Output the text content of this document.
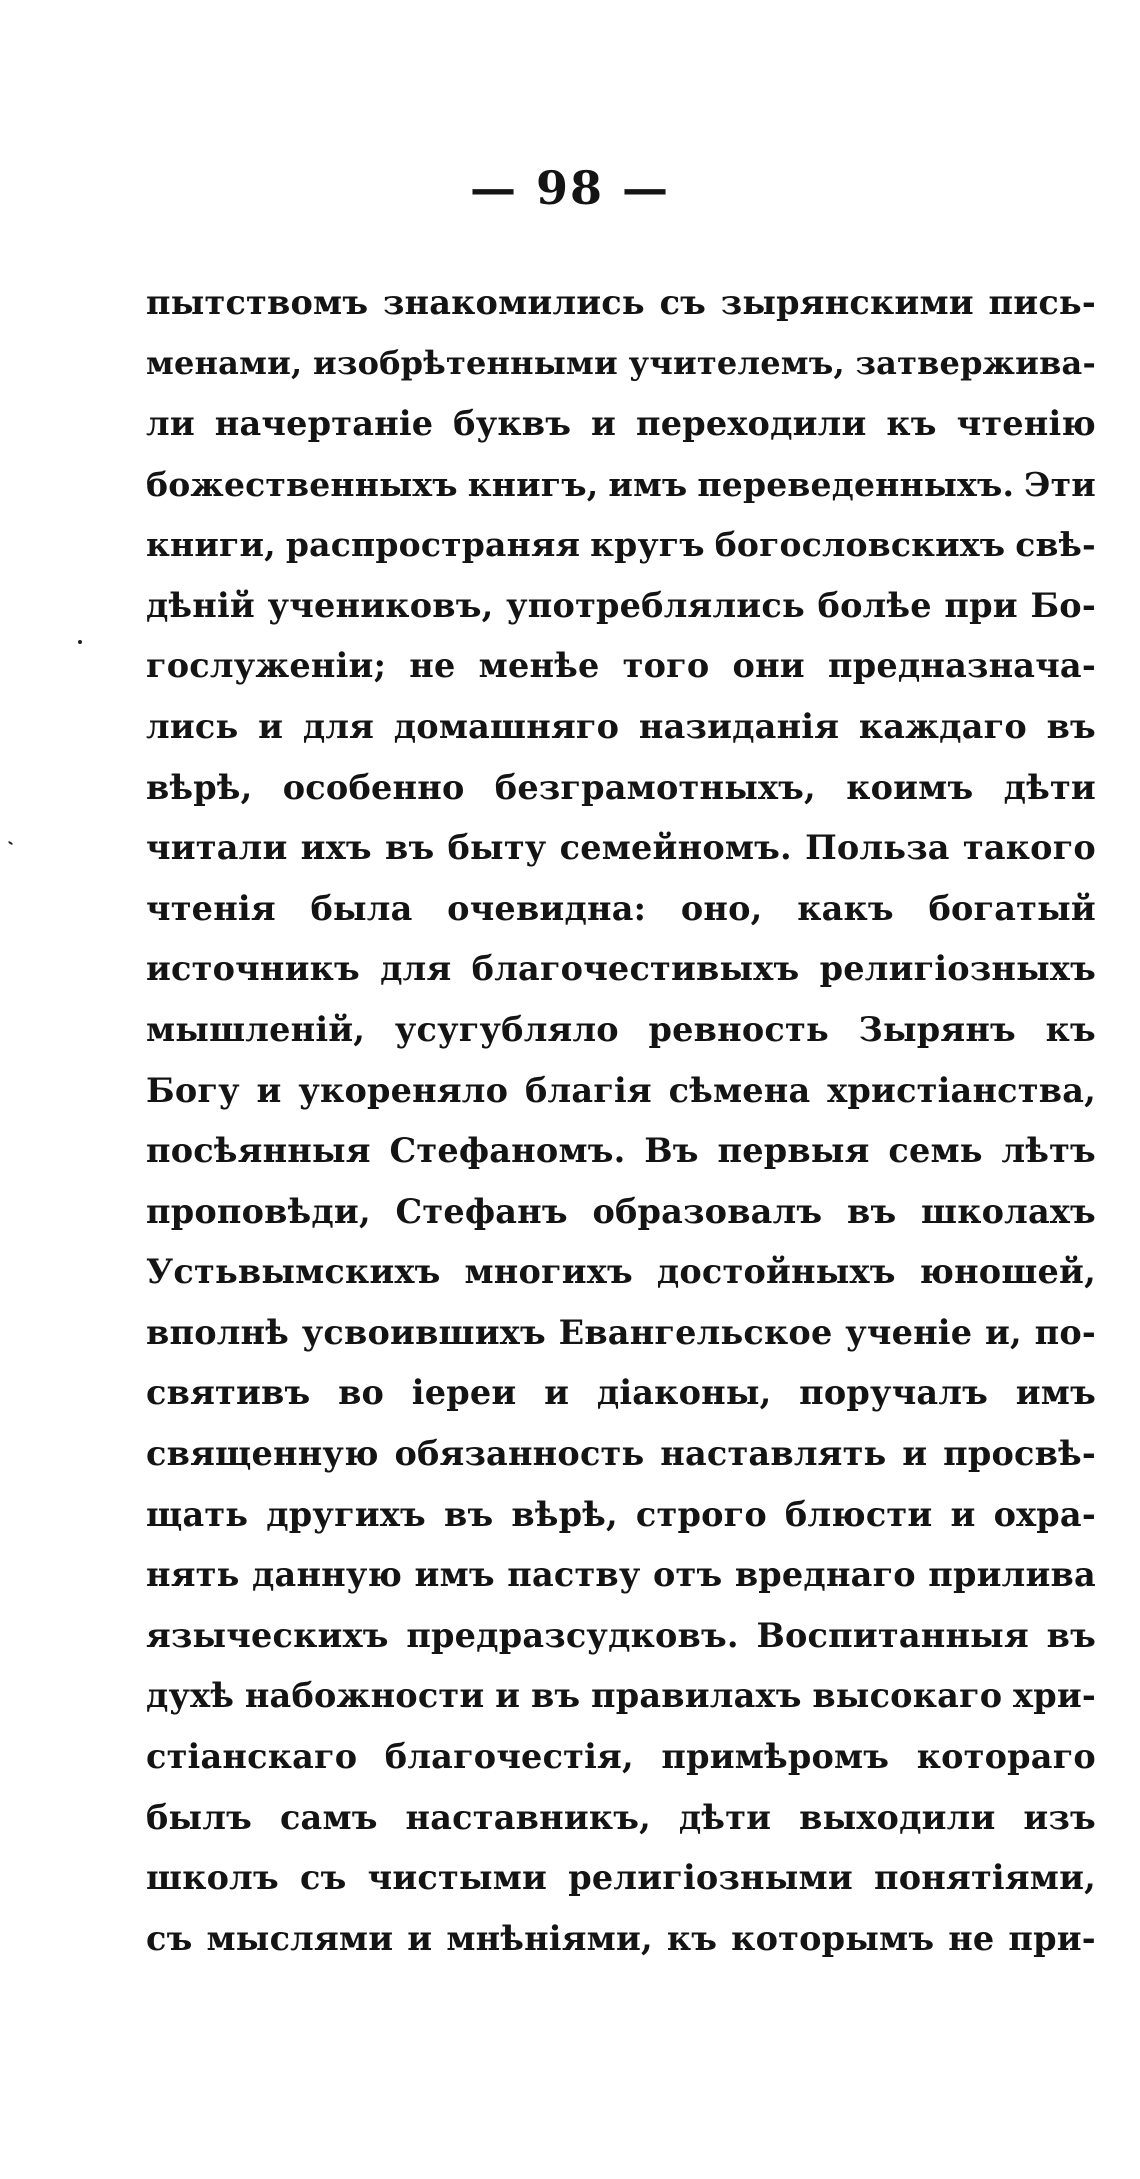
— 98 —
пытствомъ знакомились съ зырянскими пись-
менами, изобрѣтенными учителемъ, затвержива-
ли начертаніе буквъ и переходили къ чтенію
божественныхъ книгъ, имъ переведенныхъ. Эти
книги, распространяя кругъ богословскихъ свѣ-
дѣній учениковъ, употреблялись болѣе при Бо-
гослуженіи; не менѣе того они предназнача-
лись и для домашняго назиданія каждаго въ
вѣрѣ, особенно безграмотныхъ, коимъ дѣти
читали ихъ въ быту семейномъ. Польза такого
чтенія была очевидна: оно, какъ богатый
источникъ для благочестивыхъ религіозныхъ
мышленій, усугубляло ревность Зырянъ къ
Богу и укореняло благія сѣмена христіанства,
посѣянныя Стефаномъ. Въ первыя семь лѣтъ
проповѣди, Стефанъ образовалъ въ школахъ
Устьвымскихъ многихъ достойныхъ юношей,
вполнѣ усвоившихъ Евангельское ученіе и, по-
святивъ во іереи и діаконы, поручалъ имъ
священную обязанность наставлять и просвѣ-
щать другихъ въ вѣрѣ, строго блюсти и охра-
нять данную имъ паству отъ вреднаго прилива
языческихъ предразсудковъ. Воспитанныя въ
духѣ набожности и въ правилахъ высокаго хри-
стіанскаго благочестія, примѣромъ котораго
былъ самъ наставникъ, дѣти выходили изъ
школъ съ чистыми религіозными понятіями,
съ мыслями и мнѣніями, къ которымъ не при-
